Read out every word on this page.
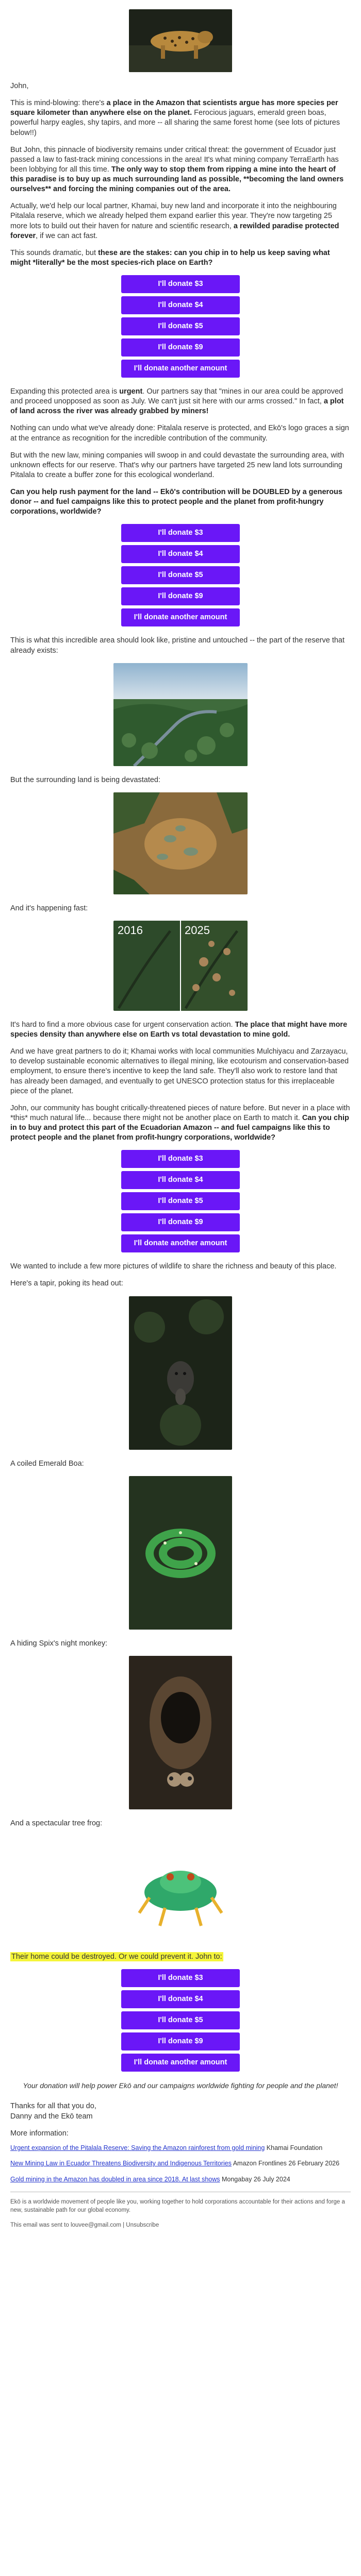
John,

This is mind-blowing: there's a place in the Amazon that scientists argue has more species per square kilometer than anywhere else on the planet. Ferocious jaguars, emerald green boas, powerful harpy eagles, shy tapirs, and more -- all sharing the same forest home (see lots of pictures below!!)

But John, this pinnacle of biodiversity remains under critical threat: the government of Ecuador just passed a law to fast-track mining concessions in the area! It's what mining company TerraEarth has been lobbying for all this time. The only way to stop them from ripping a mine into the heart of this paradise is to buy up as much surrounding land as possible, **becoming the land owners ourselves** and forcing the mining companies out of the area.

Actually, we'd help our local partner, Khamai, buy new land and incorporate it into the neighbouring Pitalala reserve, which we already helped them expand earlier this year. They're now targeting 25 more lots to build out their haven for nature and scientific research, a rewilded paradise protected forever, if we can act fast.

This sounds dramatic, but these are the stakes: can you chip in to help us keep saving what might *literally* be the most species-rich place on Earth?

I'll donate $3
I'll donate $4
I'll donate $5
I'll donate $9
I'll donate another amount

Expanding this protected area is urgent. Our partners say that "mines in our area could be approved and proceed unopposed as soon as July. We can't just sit here with our arms crossed." In fact, a plot of land across the river was already grabbed by miners!

Nothing can undo what we've already done: Pitalala reserve is protected, and Ekō's logo graces a sign at the entrance as recognition for the incredible contribution of the community.

But with the new law, mining companies will swoop in and could devastate the surrounding area, with unknown effects for our reserve. That's why our partners have targeted 25 new land lots surrounding Pitalala to create a buffer zone for this ecological wonderland.

Can you help rush payment for the land -- Ekō's contribution will be DOUBLED by a generous donor -- and fuel campaigns like this to protect people and the planet from profit-hungry corporations, worldwide?

I'll donate $3
I'll donate $4
I'll donate $5
I'll donate $9
I'll donate another amount

This is what this incredible area should look like, pristine and untouched -- the part of the reserve that already exists:

But the surrounding land is being devastated:

And it's happening fast:

2016	2025

It's hard to find a more obvious case for urgent conservation action. The place that might have more species density than anywhere else on Earth vs total devastation to mine gold.

And we have great partners to do it; Khamai works with local communities Mulchiyacu and Zarzayacu, to develop sustainable economic alternatives to illegal mining, like ecotourism and conservation-based employment, to ensure there's incentive to keep the land safe. They'll also work to restore land that has already been damaged, and eventually to get UNESCO protection status for this irreplaceable piece of the planet.

John, our community has bought critically-threatened pieces of nature before. But never in a place with *this* much natural life... because there might not be another place on Earth to match it. Can you chip in to buy and protect this part of the Ecuadorian Amazon -- and fuel campaigns like this to protect people and the planet from profit-hungry corporations, worldwide?

I'll donate $3
I'll donate $4
I'll donate $5
I'll donate $9
I'll donate another amount

We wanted to include a few more pictures of wildlife to share the richness and beauty of this place.

Here's a tapir, poking its head out:

A coiled Emerald Boa:

A hiding Spix's night monkey:

And a spectacular tree frog:

Their home could be destroyed. Or we could prevent it. John to:

I'll donate $3
I'll donate $4
I'll donate $5
I'll donate $9
I'll donate another amount

Your donation will help power Ekō and our campaigns worldwide fighting for people and the planet!

Thanks for all that you do,

Danny and the Ekō team

More information:

Urgent expansion of the Pitalala Reserve: Saving the Amazon rainforest from gold mining Khamai Foundation

New Mining Law in Ecuador Threatens Biodiversity and Indigenous Territories Amazon Frontlines 26 February 2026

Gold mining in the Amazon has doubled in area since 2018. At last shows Mongabay 26 July 2024

Ekō is a worldwide movement of people like you, working together to hold corporations accountable for their actions and forge a new, sustainable path for our global economy.

This email was sent to louvee@gmail.com | Unsubscribe
